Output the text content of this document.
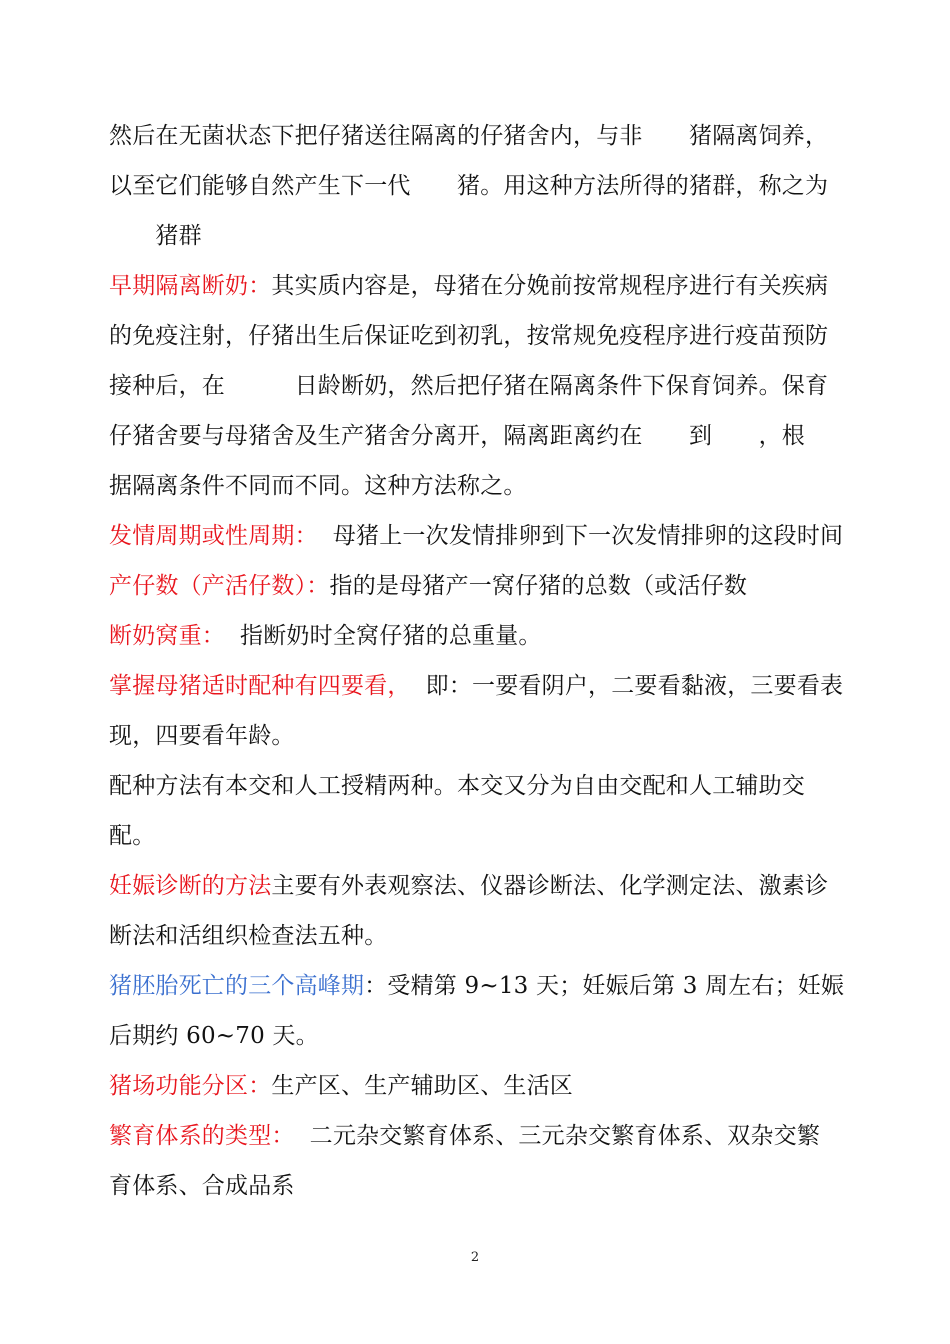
然后在无菌状态下把仔猪送往隔离的仔猪舍内，与非　　猪隔离饲养，
以至它们能够自然产生下一代　　猪。用这种方法所得的猪群，称之为
　　猪群
早期隔离断奶：其实质内容是，母猪在分娩前按常规程序进行有关疾病
的免疫注射，仔猪出生后保证吃到初乳，按常规免疫程序进行疫苗预防
接种后，在　　　日龄断奶，然后把仔猪在隔离条件下保育饲养。保育
仔猪舍要与母猪舍及生产猪舍分离开，隔离距离约在　　到　　，根
据隔离条件不同而不同。这种方法称之。
发情周期或性周期：  母猪上一次发情排卵到下一次发情排卵的这段时间
产仔数（产活仔数）：指的是母猪产一窝仔猪的总数（或活仔数
断奶窝重：  指断奶时全窝仔猪的总重量。
掌握母猪适时配种有四要看，  即：一要看阴户，二要看黏液，三要看表
现，四要看年龄。
配种方法有本交和人工授精两种。本交又分为自由交配和人工辅助交
配。
妊娠诊断的方法主要有外表观察法、仪器诊断法、化学测定法、激素诊
断法和活组织检查法五种。
猪胚胎死亡的三个高峰期：受精第 9~13 天；妊娠后第 3 周左右；妊娠
后期约 60~70 天。
猪场功能分区：生产区、生产辅助区、生活区
繁育体系的类型：  二元杂交繁育体系、三元杂交繁育体系、双杂交繁
育体系、合成品系
2
